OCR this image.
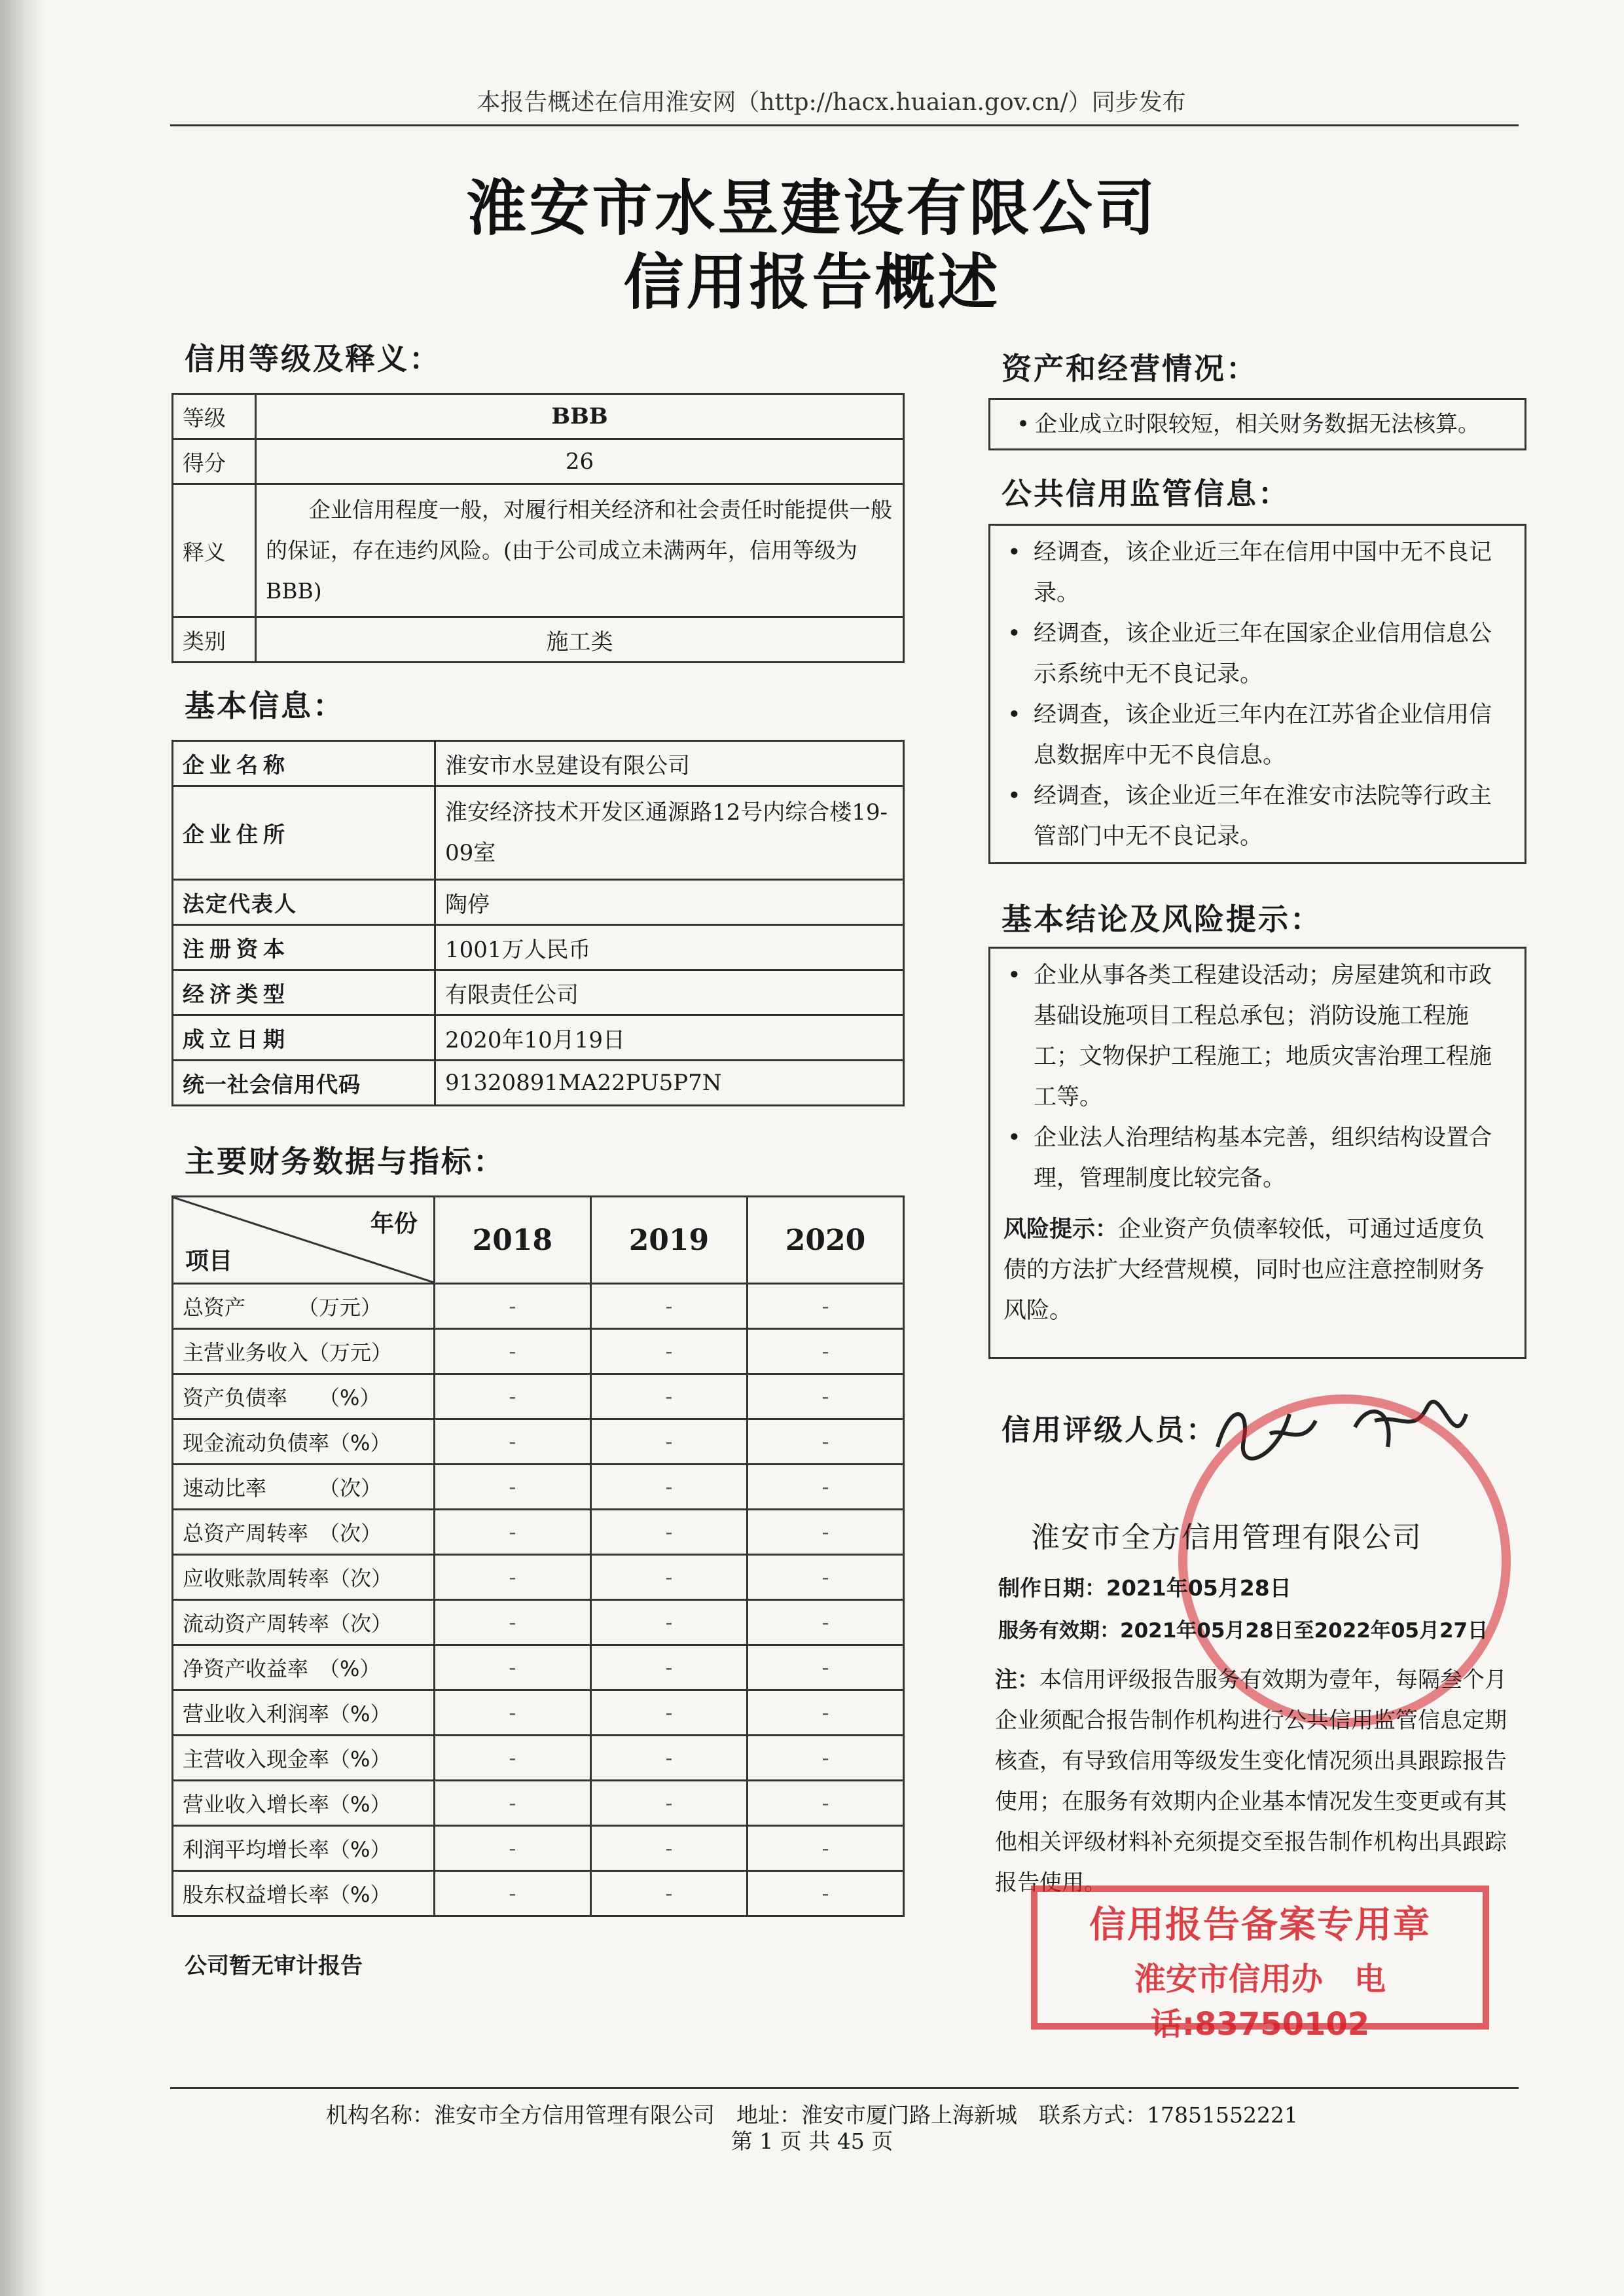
本报告概述在信用淮安网（http://hacx.huaian.gov.cn/）同步发布
淮安市水昱建设有限公司
信用报告概述
信用等级及释义：
等级	BBB
得分	26
释义	企业信用程度一般，对履行相关经济和社会责任时能提供一般的保证，存在违约风险。(由于公司成立未满两年，信用等级为BBB)
类别	施工类
基本信息：
企业名称	淮安市水昱建设有限公司
企业住所	淮安经济技术开发区通源路12号内综合楼19-09室
法定代表人	陶停
注册资本	1001万人民币
经济类型	有限责任公司
成立日期	2020年10月19日
统一社会信用代码	91320891MA22PU5P7N
主要财务数据与指标：
年份
项目	2018	2019	2020
总资产　　　（万元）	-	-	-
主营业务收入（万元）	-	-	-
资产负债率　　（%）	-	-	-
现金流动负债率（%）	-	-	-
速动比率　　　（次）	-	-	-
总资产周转率　（次）	-	-	-
应收账款周转率（次）	-	-	-
流动资产周转率（次）	-	-	-
净资产收益率　（%）	-	-	-
营业收入利润率（%）	-	-	-
主营收入现金率（%）	-	-	-
营业收入增长率（%）	-	-	-
利润平均增长率（%）	-	-	-
股东权益增长率（%）	-	-	-
公司暂无审计报告
资产和经营情况：
• 企业成立时限较短，相关财务数据无法核算。
公共信用监管信息：
• 经调查，该企业近三年在信用中国中无不良记录。
• 经调查，该企业近三年在国家企业信用信息公示系统中无不良记录。
• 经调查，该企业近三年内在江苏省企业信用信息数据库中无不良信息。
• 经调查，该企业近三年在淮安市法院等行政主管部门中无不良记录。
基本结论及风险提示：
• 企业从事各类工程建设活动；房屋建筑和市政基础设施项目工程总承包；消防设施工程施工；文物保护工程施工；地质灾害治理工程施工等。
• 企业法人治理结构基本完善，组织结构设置合理，管理制度比较完备。
风险提示：企业资产负债率较低，可通过适度负债的方法扩大经营规模，同时也应注意控制财务风险。
信用评级人员：
淮安市全方信用管理有限公司
制作日期：2021年05月28日
服务有效期：2021年05月28日至2022年05月27日
注：本信用评级报告服务有效期为壹年，每隔叁个月企业须配合报告制作机构进行公共信用监管信息定期核查，有导致信用等级发生变化情况须出具跟踪报告使用；在服务有效期内企业基本情况发生变更或有其他相关评级材料补充须提交至报告制作机构出具跟踪报告使用。
信用报告备案专用章
淮安市信用办　电话:83750102
机构名称：淮安市全方信用管理有限公司　地址：淮安市厦门路上海新城　联系方式：17851552221
第 1 页 共 45 页
